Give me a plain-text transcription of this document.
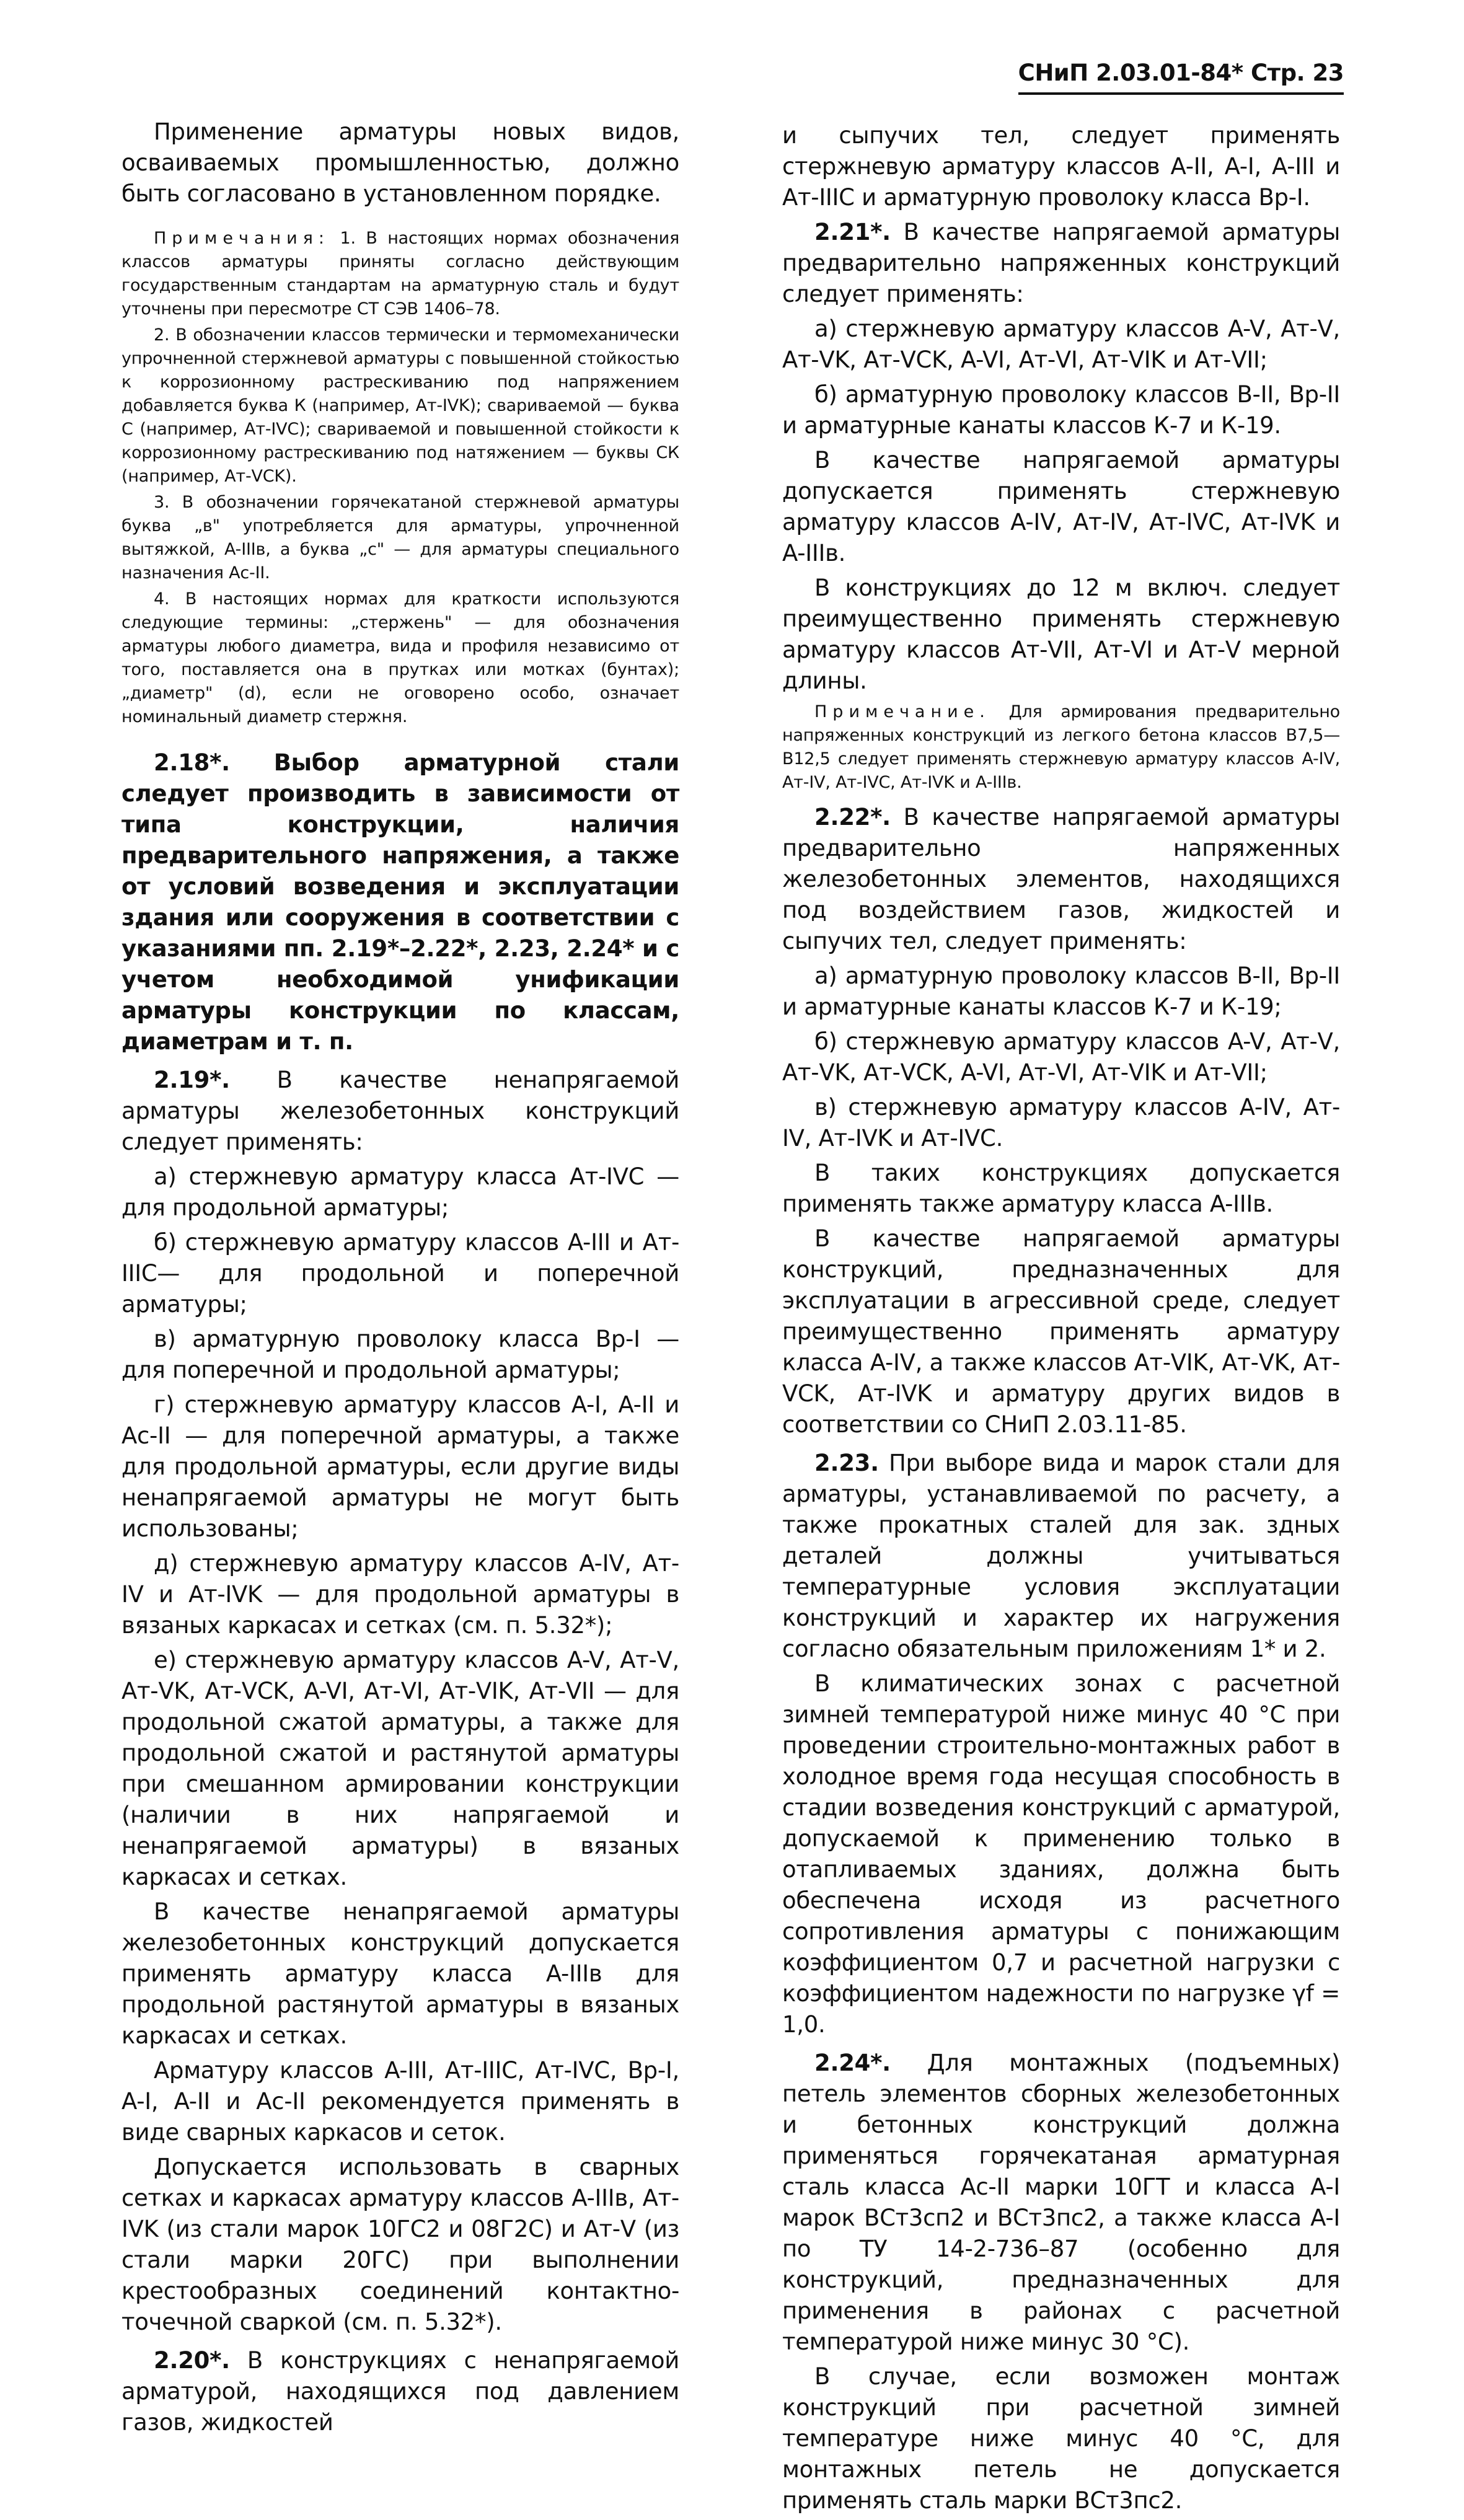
СНиП 2.03.01-84* Стр. 23

Применение арматуры новых видов, осваиваемых промышленностью, должно быть согласовано в установленном порядке.

Примечания: 1. В настоящих нормах обозначения классов арматуры приняты согласно действующим государственным стандартам на арматурную сталь и будут уточнены при пересмотре СТ СЭВ 1406–78.

2. В обозначении классов термически и термомеханически упрочненной стержневой арматуры с повышенной стойкостью к коррозионному растрескиванию под напряжением добавляется буква К (например, Ат-IVK); свариваемой — буква С (например, Ат-IVC); свариваемой и повышенной стойкости к коррозионному растрескиванию под натяжением — буквы СК (например, Ат-VCK).

3. В обозначении горячекатаной стержневой арматуры буква „в" употребляется для арматуры, упрочненной вытяжкой, A-IIIв, а буква „с" — для арматуры специального назначения Ас-II.

4. В настоящих нормах для краткости используются следующие термины: „стержень" — для обозначения арматуры любого диаметра, вида и профиля независимо от того, поставляется она в прутках или мотках (бунтах); „диаметр" (d), если не оговорено особо, означает номинальный диаметр стержня.

2.18*. Выбор арматурной стали следует производить в зависимости от типа конструкции, наличия предварительного напряжения, а также от условий возведения и эксплуатации здания или сооружения в соответствии с указаниями пп. 2.19*–2.22*, 2.23, 2.24* и с учетом необходимой унификации арматуры конструкции по классам, диаметрам и т. п.

2.19*. В качестве ненапрягаемой арматуры железобетонных конструкций следует применять:

а) стержневую арматуру класса Ат-IVC — для продольной арматуры;

б) стержневую арматуру классов A-III и Ат-IIIC— для продольной и поперечной арматуры;

в) арматурную проволоку класса Вр-I — для поперечной и продольной арматуры;

г) стержневую арматуру классов A-I, A-II и Ас-II — для поперечной арматуры, а также для продольной арматуры, если другие виды ненапрягаемой арматуры не могут быть использованы;

д) стержневую арматуру классов A-IV, Ат-IV и Ат-IVK — для продольной арматуры в вязаных каркасах и сетках (см. п. 5.32*);

е) стержневую арматуру классов A-V, Ат-V, Ат-VK, Ат-VCK, A-VI, Ат-VI, Ат-VIK, Ат-VII — для продольной сжатой арматуры, а также для продольной сжатой и растянутой арматуры при смешанном армировании конструкции (наличии в них напрягаемой и ненапрягаемой арматуры) в вязаных каркасах и сетках.

В качестве ненапрягаемой арматуры железобетонных конструкций допускается применять арматуру класса A-IIIв для продольной растянутой арматуры в вязаных каркасах и сетках.

Арматуру классов A-III, Ат-IIIC, Ат-IVC, Вр-I, A-I, A-II и Ас-II рекомендуется применять в виде сварных каркасов и сеток.

Допускается использовать в сварных сетках и каркасах арматуру классов A-IIIв, Ат-IVK (из стали марок 10ГС2 и 08Г2С) и Ат-V (из стали марки 20ГС) при выполнении крестообразных соединений контактно-точечной сваркой (см. п. 5.32*).

2.20*. В конструкциях с ненапрягаемой арматурой, находящихся под давлением газов, жидкостей

и сыпучих тел, следует применять стержневую арматуру классов A-II, A-I, A-III и Ат-IIIC и арматурную проволоку класса Вр-I.

2.21*. В качестве напрягаемой арматуры предварительно напряженных конструкций следует применять:

а) стержневую арматуру классов A-V, Ат-V, Ат-VK, Ат-VCK, A-VI, Ат-VI, Ат-VIK и Ат-VII;

б) арматурную проволоку классов В-II, Вр-II и арматурные канаты классов К-7 и К-19.

В качестве напрягаемой арматуры допускается применять стержневую арматуру классов A-IV, Ат-IV, Ат-IVC, Ат-IVK и A-IIIв.

В конструкциях до 12 м включ. следует преимущественно применять стержневую арматуру классов Ат-VII, Ат-VI и Ат-V мерной длины.

Примечание. Для армирования предварительно напряженных конструкций из легкого бетона классов В7,5—В12,5 следует применять стержневую арматуру классов A-IV, Ат-IV, Ат-IVC, Ат-IVK и A-IIIв.

2.22*. В качестве напрягаемой арматуры предварительно напряженных железобетонных элементов, находящихся под воздействием газов, жидкостей и сыпучих тел, следует применять:

а) арматурную проволоку классов В-II, Вр-II и арматурные канаты классов К-7 и К-19;

б) стержневую арматуру классов A-V, Ат-V, Ат-VK, Ат-VCK, A-VI, Ат-VI, Ат-VIK и Ат-VII;

в) стержневую арматуру классов A-IV, Ат-IV, Ат-IVK и Ат-IVC.

В таких конструкциях допускается применять также арматуру класса A-IIIв.

В качестве напрягаемой арматуры конструкций, предназначенных для эксплуатации в агрессивной среде, следует преимущественно применять арматуру класса A-IV, а также классов Ат-VIK, Ат-VK, Ат-VCK, Ат-IVK и арматуру других видов в соответствии со СНиП 2.03.11-85.

2.23. При выборе вида и марок стали для арматуры, устанавливаемой по расчету, а также прокатных сталей для зак. здных деталей должны учитываться температурные условия эксплуатации конструкций и характер их нагружения согласно обязательным приложениям 1* и 2.

В климатических зонах с расчетной зимней температурой ниже минус 40 °С при проведении строительно-монтажных работ в холодное время года несущая способность в стадии возведения конструкций с арматурой, допускаемой к применению только в отапливаемых зданиях, должна быть обеспечена исходя из расчетного сопротивления арматуры с понижающим коэффициентом 0,7 и расчетной нагрузки с коэффициентом надежности по нагрузке γf = 1,0.

2.24*. Для монтажных (подъемных) петель элементов сборных железобетонных и бетонных конструкций должна применяться горячекатаная арматурная сталь класса Ас-II марки 10ГТ и класса A-I марок ВСт3сп2 и ВСт3пс2, а также класса A-I по ТУ 14-2-736–87 (особенно для конструкций, предназначенных для применения в районах с расчетной температурой ниже минус 30 °С).

В случае, если возможен монтаж конструкций при расчетной зимней температуре ниже минус 40 °С, для монтажных петель не допускается применять сталь марки ВСт3пс2.
